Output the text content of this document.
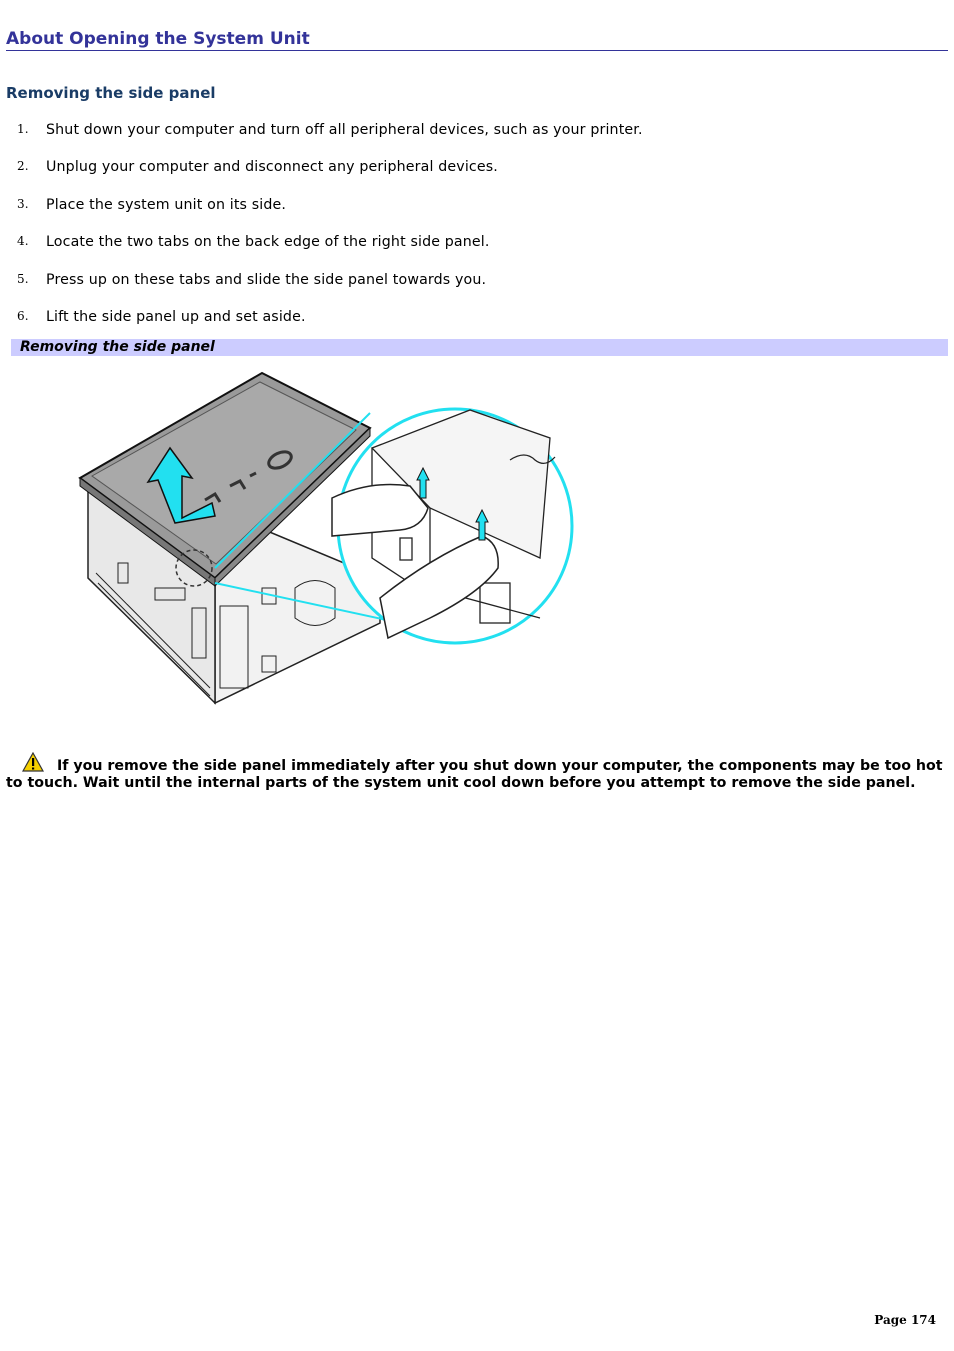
About Opening the System Unit
Removing the side panel
1. Shut down your computer and turn off all peripheral devices, such as your printer.
2. Unplug your computer and disconnect any peripheral devices.
3. Place the system unit on its side.
4. Locate the two tabs on the back edge of the right side panel.
5. Press up on these tabs and slide the side panel towards you.
6. Lift the side panel up and set aside.
Removing the side panel
If you remove the side panel immediately after you shut down your computer, the components may be too hot to touch. Wait until the internal parts of the system unit cool down before you attempt to remove the side panel.
Page 174
